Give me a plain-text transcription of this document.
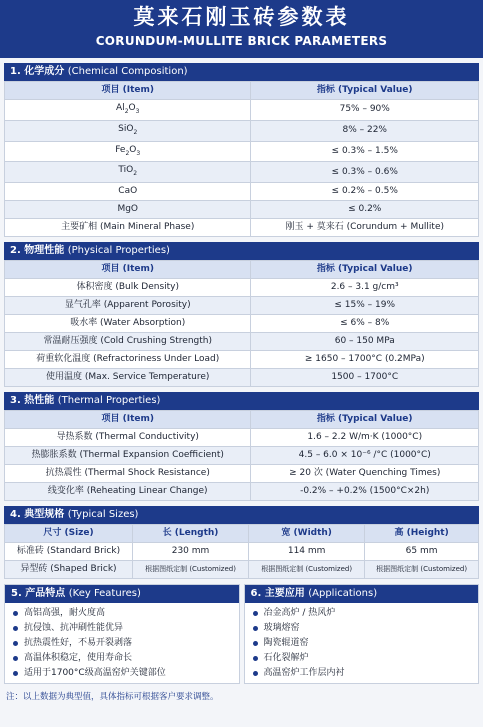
莫来石刚玉砖参数表
CORUNDUM-MULLITE BRICK PARAMETERS
1. 化学成分 (Chemical Composition)
项目 (Item)	指标 (Typical Value)
$Al_2O_3$	75% – 90%
SiO$_2$	8% – 22%
$Fe_2O_3$	≤ 0.3% – 1.5%
TiO$_2$	≤ 0.3% – 0.6%
CaO	≤ 0.2% – 0.5%
MgO	≤ 0.2%
主要矿相 (Main Mineral Phase)	刚玉 + 莫来石 (Corundum + Mullite)
2. 物理性能 (Physical Properties)
项目 (Item)	指标 (Typical Value)
体积密度 (Bulk Density)	2.6 – 3.1 g/cm³
显气孔率 (Apparent Porosity)	≤ 15% – 19%
吸水率 (Water Absorption)	≤ 6% – 8%
常温耐压强度 (Cold Crushing Strength)	60 – 150 MPa
荷重软化温度 (Refractoriness Under Load)	≥ 1650 – 1700°C (0.2MPa)
使用温度 (Max. Service Temperature)	1500 – 1700°C
3. 热性能 (Thermal Properties)
项目 (Item)	指标 (Typical Value)
导热系数 (Thermal Conductivity)	1.6 – 2.2 W/m·K (1000°C)
热膨胀系数 (Thermal Expansion Coefficient)	4.5 – 6.0 × 10⁻⁶ /°C (1000°C)
抗热震性 (Thermal Shock Resistance)	≥ 20 次 (Water Quenching Times)
线变化率 (Reheating Linear Change)	-0.2% – +0.2% (1500°C×2h)
4. 典型规格 (Typical Sizes)
尺寸 (Size)	长 (Length)	宽 (Width)	高 (Height)
标准砖 (Standard Brick)	230 mm	114 mm	65 mm
异型砖 (Shaped Brick)	根据图纸定制 (Customized)	根据图纸定制 (Customized)	根据图纸定制 (Customized)
5. 产品特点 (Key Features)
高铝高强，耐火度高
抗侵蚀、抗冲刷性能优异
抗热震性好，不易开裂剥落
高温体积稳定，使用寿命长
适用于1700°C级高温窑炉关键部位
6. 主要应用 (Applications)
冶金高炉 / 热风炉
玻璃熔窑
陶瓷辊道窑
石化裂解炉
高温窑炉工作层内衬
注：以上数据为典型值，具体指标可根据客户要求调整。
